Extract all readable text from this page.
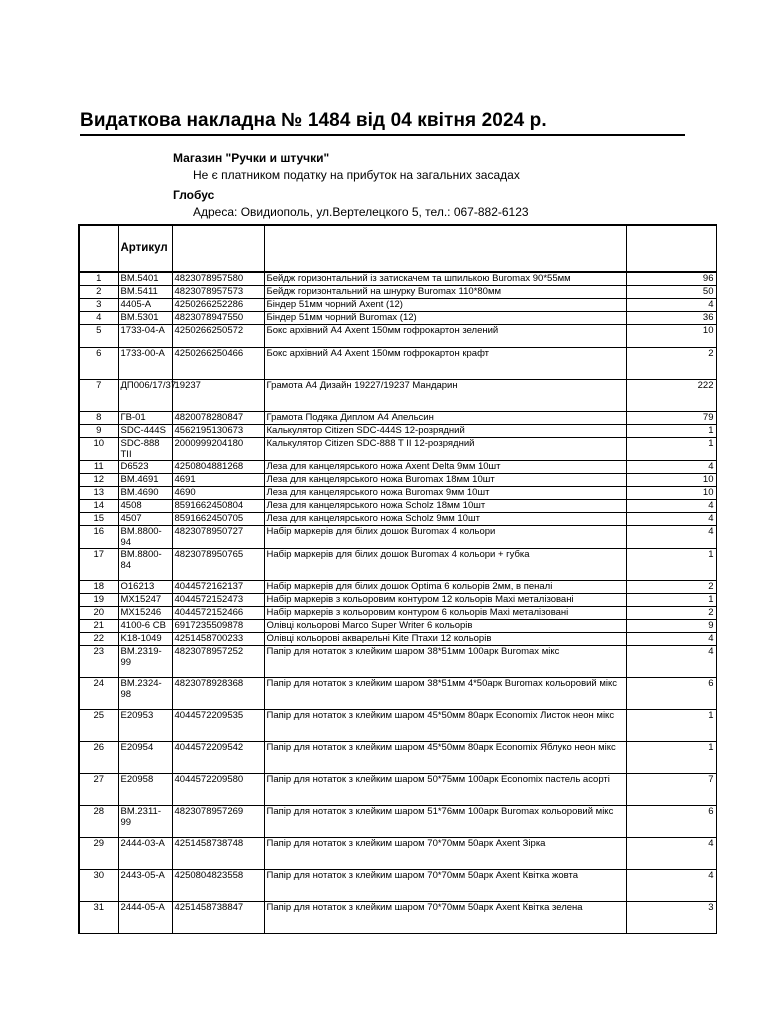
Видаткова накладна № 1484 від 04 квітня 2024 р.
Магазин "Ручки и штучки"
Не є платником податку на прибуток на загальних засадах
Глобус
Адреса: Овидиополь, ул.Вертелецкого 5, тел.: 067-882-6123
	Артикул			
1	BM.5401	4823078957580	Бейдж горизонтальний із затискачем та шпилькою Buromax 90*55мм	96
2	BM.5411	4823078957573	Бейдж горизонтальний на шнурку Buromax 110*80мм	50
3	4405-A	4250266252286	Біндер 51мм чорний Axent (12)	4
4	BM.5301	4823078947550	Біндер 51мм чорний Buromax (12)	36
5	1733-04-A	4250266250572	Бокс архівний А4 Axent 150мм гофрокартон зелений	10
6	1733-00-A	4250266250466	Бокс архівний А4 Axent 150мм гофрокартон крафт	2
7	ДП006/17/37	19237	Грамота А4 Дизайн 19227/19237 Мандарин	222
8	ГВ-01	4820078280847	Грамота Подяка Диплом А4 Апельсин	79
9	SDC-444S	4562195130673	Калькулятор Citizen SDC-444S 12-розрядний	1
10	SDC-888 TII	2000999204180	Калькулятор Citizen SDC-888 T II 12-розрядний	1
11	D6523	4250804881268	Леза для канцелярського ножа Axent Delta 9мм 10шт	4
12	BM.4691	4691	Леза для канцелярського ножа Buromax 18мм 10шт	10
13	BM.4690	4690	Леза для канцелярського ножа Buromax 9мм 10шт	10
14	4508	8591662450804	Леза для канцелярського ножа Scholz 18мм 10шт	4
15	4507	8591662450705	Леза для канцелярського ножа Scholz 9мм 10шт	4
16	BM.8800-94	4823078950727	Набір маркерів для білих дошок Buromax 4 кольори	4
17	BM.8800-84	4823078950765	Набір маркерів для білих дошок Buromax 4 кольори + губка	1
18	O16213	4044572162137	Набір маркерів для білих дошок Optima 6 кольорів 2мм, в пеналі	2
19	MX15247	4044572152473	Набір маркерів з кольоровим контуром 12 кольорів Maxi металізовані	1
20	MX15246	4044572152466	Набір маркерів з кольоровим контуром 6 кольорів Maxi металізовані	2
21	4100-6 CB	6917235509878	Олівці кольорові Marco Super Writer 6 кольорів	9
22	K18-1049	4251458700233	Олівці кольорові акварельні Kite Птахи 12 кольорів	4
23	BM.2319-99	4823078957252	Папір для нотаток з клейким шаром 38*51мм 100арк Buromax мікс	4
24	BM.2324-98	4823078928368	Папір для нотаток з клейким шаром 38*51мм 4*50арк Buromax кольоровий мікс	6
25	E20953	4044572209535	Папір для нотаток з клейким шаром 45*50мм 80арк Economix Листок неон мікс	1
26	E20954	4044572209542	Папір для нотаток з клейким шаром 45*50мм 80арк Economix Яблуко неон мікс	1
27	E20958	4044572209580	Папір для нотаток з клейким шаром 50*75мм 100арк Economix пастель асорті	7
28	BM.2311-99	4823078957269	Папір для нотаток з клейким шаром 51*76мм 100арк Buromax кольоровий мікс	6
29	2444-03-A	4251458738748	Папір для нотаток з клейким шаром 70*70мм 50арк Axent Зірка	4
30	2443-05-A	4250804823558	Папір для нотаток з клейким шаром 70*70мм 50арк Axent Квітка жовта	4
31	2444-05-A	4251458738847	Папір для нотаток з клейким шаром 70*70мм 50арк Axent Квітка зелена	3
